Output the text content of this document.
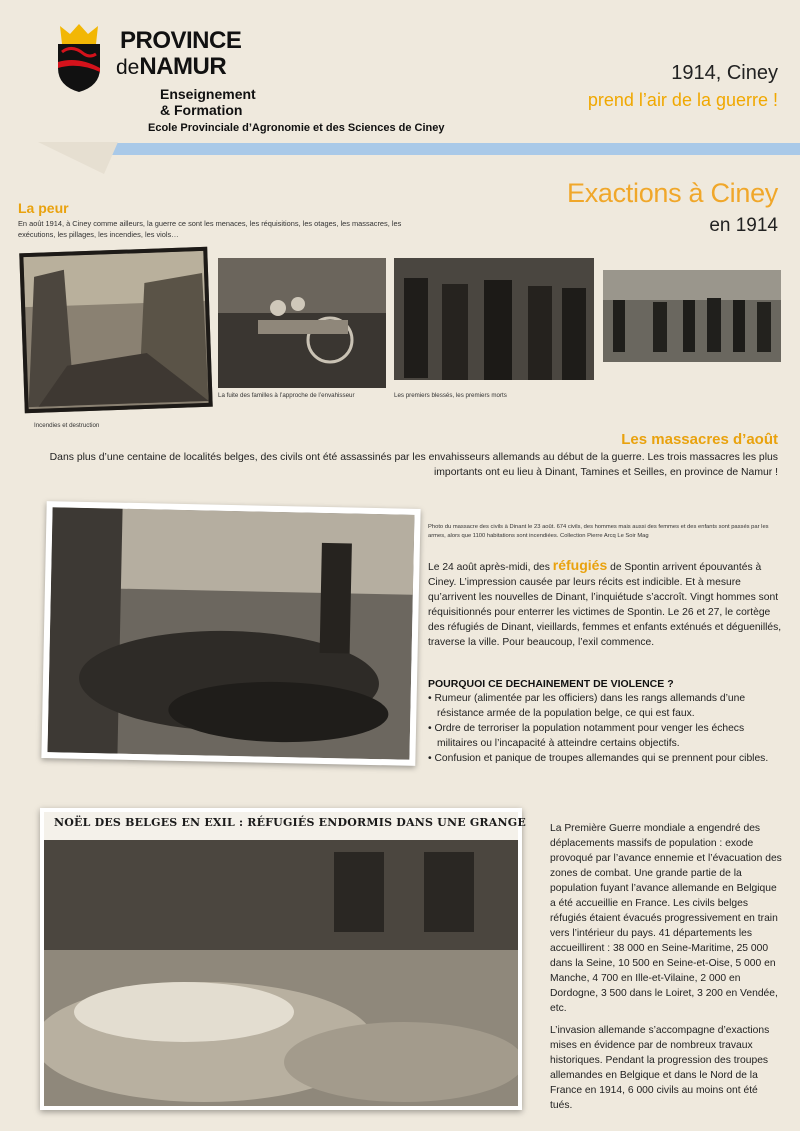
PROVINCE
deNAMUR
Enseignement
& Formation
Ecole Provinciale d’Agronomie et des Sciences de Ciney
1914, Ciney
prend l’air de la guerre !
La peur
En août 1914, à Ciney comme ailleurs, la guerre ce sont les menaces, les réquisitions, les otages, les massacres, les exécutions, les pillages, les incendies, les viols…
Exactions à Ciney
en 1914
Incendies et destruction
La fuite des familles à l’approche de l’envahisseur	Les premiers blessés, les premiers morts
Les massacres d’août
Dans plus d’une centaine de localités belges, des civils ont été assassinés par les envahisseurs allemands au début de la guerre. Les trois massacres les plus importants ont eu lieu à Dinant, Tamines et Seilles, en province de Namur !
Photo du massacre des civils à Dinant le 23 août. 674 civils, des hommes mais aussi des femmes et des enfants sont passés par les armes, alors que 1100 habitations sont incendiées. Collection Pierre Arcq Le Soir Mag
Le 24 août après-midi, des réfugiés de Spontin arrivent épouvantés à Ciney. L’impression causée par leurs récits est indicible. Et à mesure qu’arrivent les nouvelles de Dinant, l’inquiétude s’accroît. Vingt hommes sont réquisitionnés pour enterrer les victimes de Spontin. Le 26 et 27, le cortège des réfugiés de Dinant, vieillards, femmes et enfants exténués et déguenillés, traverse la ville. Pour beaucoup, l’exil commence.
POURQUOI CE DECHAINEMENT DE VIOLENCE ?
• Rumeur (alimentée par les officiers) dans les rangs allemands d’une résistance armée de la population belge, ce qui est faux.
• Ordre de terroriser la population notamment pour venger les échecs militaires ou l’incapacité à atteindre certains objectifs.
• Confusion et panique de troupes allemandes qui se prennent pour cibles.
NOËL DES BELGES EN EXIL : RÉFUGIÉS ENDORMIS DANS UNE GRANGE La Première Guerre mondiale a engendré des déplacements massifs de population : exode provoqué par l’avance ennemie et l’évacuation des zones de combat. Une grande partie de la population fuyant l’avance allemande en Belgique a été accueillie en France. Les civils belges réfugiés étaient évacués progressivement en train vers l’intérieur du pays. 41 départements les accueillirent : 38 000 en Seine-Maritime, 25 000 dans la Seine, 10 500 en Seine-et-Oise, 5 000 en Manche, 4 700 en Ille-et-Vilaine, 2 000 en Dordogne, 3 500 dans le Loiret, 3 200 en Vendée, etc.
L’invasion allemande s’accompagne d’exactions mises en évidence par de nombreux travaux historiques. Pendant la progression des troupes allemandes en Belgique et dans le Nord de la France en 1914, 6 000 civils au moins ont été tués.
